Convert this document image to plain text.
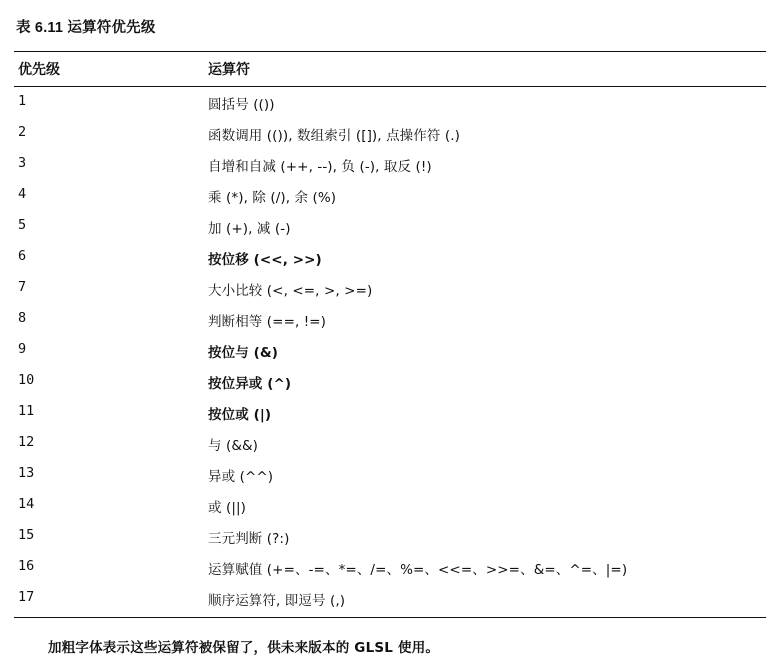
表 6.11 运算符优先级
优先级	运算符
1	圆括号 (())
2	函数调用 (()), 数组索引 ([]), 点操作符 (.)
3	自增和自减 (++, --), 负 (-), 取反 (!)
4	乘 (*), 除 (/), 余 (%)
5	加 (+), 减 (-)
6	按位移 (<<, >>)
7	大小比较 (<, <=, >, >=)
8	判断相等 (==, !=)
9	按位与 (&)
10	按位异或 (^)
11	按位或 (|)
12	与 (&&)
13	异或 (^^)
14	或 (||)
15	三元判断 (?:)
16	运算赋值 (+=、-=、*=、/=、%=、<<=、>>=、&=、^=、|=)
17	顺序运算符, 即逗号 (,)
加粗字体表示这些运算符被保留了，供未来版本的 GLSL 使用。
